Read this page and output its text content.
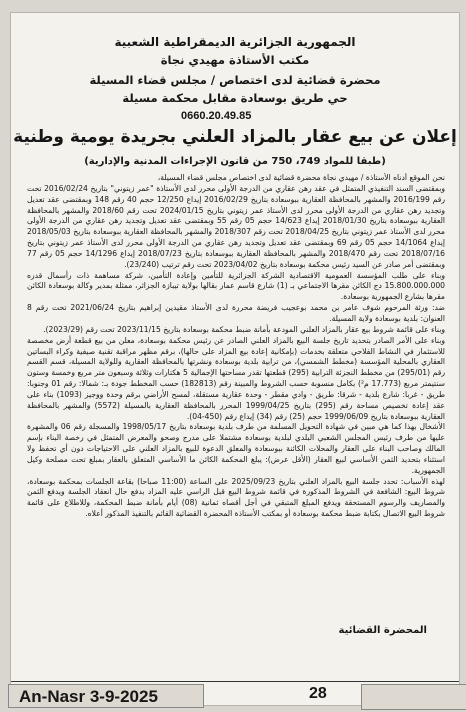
الجمهورية الجزائرية الديمقراطية الشعبية
مكتب الأستاذة مهيدي نجاة
محضرة قضائية لدى اختصاص / مجلس قضاء المسيلة
حي طريق بوسعادة مقابل محكمة مسيلة
0660.20.49.85
إعلان عن بيع عقار بالمزاد العلني بجريدة يومية وطنية
(طبقا للمواد 749، 750 من قانون الإجراءات المدنية والإدارية)

نحن الموقع أدناه الأستاذة / مهيدي نجاة محضرة قضائية لدى اختصاص مجلس قضاء المسيلة،

وبمقتضى السند التنفيذي المتمثل في عقد رهن عقاري من الدرجة الأولى محرر لدى الأستاذة "عمر زيتوني" بتاريخ 2016/02/24 تحت رقم 2016/199 والمشهر بالمحافظة العقارية ببوسعادة بتاريخ 2016/02/29 إيداع 12/250 حجم 40 رقم 148 وبمقتضى عقد تعديل وتجديد رهن عقاري من الدرجة الأولى محرر لدى الأستاذ عمر زيتوني بتاريخ 2024/01/15 تحت رقم 2018/60 والمشهر بالمحافظة العقارية ببوسعادة بتاريخ 2018/01/30 إيداع 14/623 حجم 05 رقم 55 وبمقتضى عقد تعديل وتجديد رهن عقاري من الدرجة الأولى محرر لدى الأستاذ عمر زيتوني بتاريخ 2018/04/25 تحت رقم 2018/307 والمشهر بالمحافظة العقارية ببوسعادة بتاريخ 2018/05/03 إيداع 14/1064 حجم 05 رقم 69 وبمقتضى عقد تعديل وتجديد رهن عقاري من الدرجة الأولى محرر لدى الأستاذ عمر زيتوني بتاريخ 2018/07/16 تحت رقم 2018/470 والمشهر بالمحافظة العقارية ببوسعادة بتاريخ 2018/07/23 إيداع 14/1296 حجم 05 رقم 77 وبمقتضى أمر صادر عن السيد رئيس محكمة بوسعادة بتاريخ 2023/04/02 تحت رقم ترتيب (23/240).

وبناء على طلب المؤسسة العمومية الاقتصادية الشركة الجزائرية للتأمين وإعادة التأمين، شركة مساهمة ذات رأسمال قدره 15.800.000.000 دج الكائن مقرها الاجتماعي بـ (1) شارع قاسم عمار بقالها بولاية تيبازة الجزائر، ممثلة بمدير وكالة بوسعادة الكائن مقرها بشارع الجمهورية بوسعادة.

ضد: ورثة المرحوم شوف عامر بن محمد بوعجيب فريضة محررة لدى الأستاذ مقيدين إبراهيم بتاريخ 2021/06/24 تحت رقم 8 العنوان: بلدية بوسعادة ولاية المسيلة.

وبناء على قائمة شروط بيع عقار بالمزاد العلني المودعة بأمانة ضبط محكمة بوسعادة بتاريخ 2023/11/15 تحت رقم (2023/29).

وبناء على الأمر الصادر بتحديد تاريخ جلسة البيع بالمزاد العلني الصادر عن رئيس محكمة بوسعادة، معلن من بيع قطعة أرض مخصصة للاستثمار في النشاط الفلاحي متعلقة بخدمات (بإمكانية إعادة بيع المزاد على حالها)، برقم مظهر مراقبة تقنية صيفية وكراء البساتين العقاري بالمحلية المؤسسة (مخطط الشمسي)، من ترابية بلدية بوسعادة ونشرتها بالمحافظة العقارية وللولاية المسيلة، قسم القسم رقم (295/01) من مخطط النجزئة الترابية (295) قطعتها تقدر مساحتها الإجمالية 5 هكتارات وثلاثة وسبعون متر مربع وخمسة وستون سنتيمتر مربع (17.773 م²) بكامل منسوبة حسب الشروط والمبينة رقم (182813) حسب المخطط جودة بـ: شمالا: رقم 01 وجنوبا: طريق - غربا: شارع بلدية - شرقا: طريق - وادي مقطر - وحدة عقارية مستقلة، لمسح الأراضي برقم وحدة ووجيز (1093) بناء على عقد إعادة تخصيص مساحة رقم (295) بتاريخ 1999/04/25 المحرر بالمحافظة العقارية بالمسيلة (5572) والمشهر بالمحافظة العقارية ببوسعادة بتاريخ 1999/06/09 حجم (25) رقم (34) إيداع رقم (450-04).

الأشخال بهذا كما هي مبين في شهادة التحويل المسلمة من طرف بلدية بوسعادة بتاريخ 1998/05/17 والمسجلة رقم 06 والمشهرة عليها من طرف رئيس المجلس الشعبي البلدي لبلدية بوسعادة مشتملا على مدرج وصحو والمعرض المتمثل في رخصة البناء بإسم المالك وصاحب البناء على العقار والمحلات الكائنة ببوسعادة والمعلق الدعوة للبيع بالمزاد العلني على الاحتياجات دون أي تحفظ ولا استثناء بتحديد الثمن الأساسي لبيع العقار (الأقل عرض): يبلغ المحكمة الكائن ما الأساسي المتعلق بالعقار بمبلغ تحت مصلحة وكيل الجمهورية.

لهذه الأسباب: تحدد جلسة البيع بالمزاد العلني بتاريخ 2025/09/23 على الساعة (11:00 صباحا) بقاعة الجلسات بمحكمة بوسعادة، شروط البيع: الشافعة في الشروط المذكورة في قائمة شروط البيع قبل الراسي عليه المزاد بدفع حال انعقاد الجلسة ويدفع الثمن والمصاريف والرسوم المستحقة ويدفع المبلغ المتبقي في أجل أقصاه ثمانية (08) أيام بأمانة ضبط المحكمة، وللاطلاع على قائمة شروط البيع الاتصال بكتابة ضبط محكمة بوسعادة أو بمكتب الأستاذة المحضرة القضائية القائم بالتنفيذ المذكور أعلاه.

المحضرة القضائية
An-Nasr 3-9-2025	28
